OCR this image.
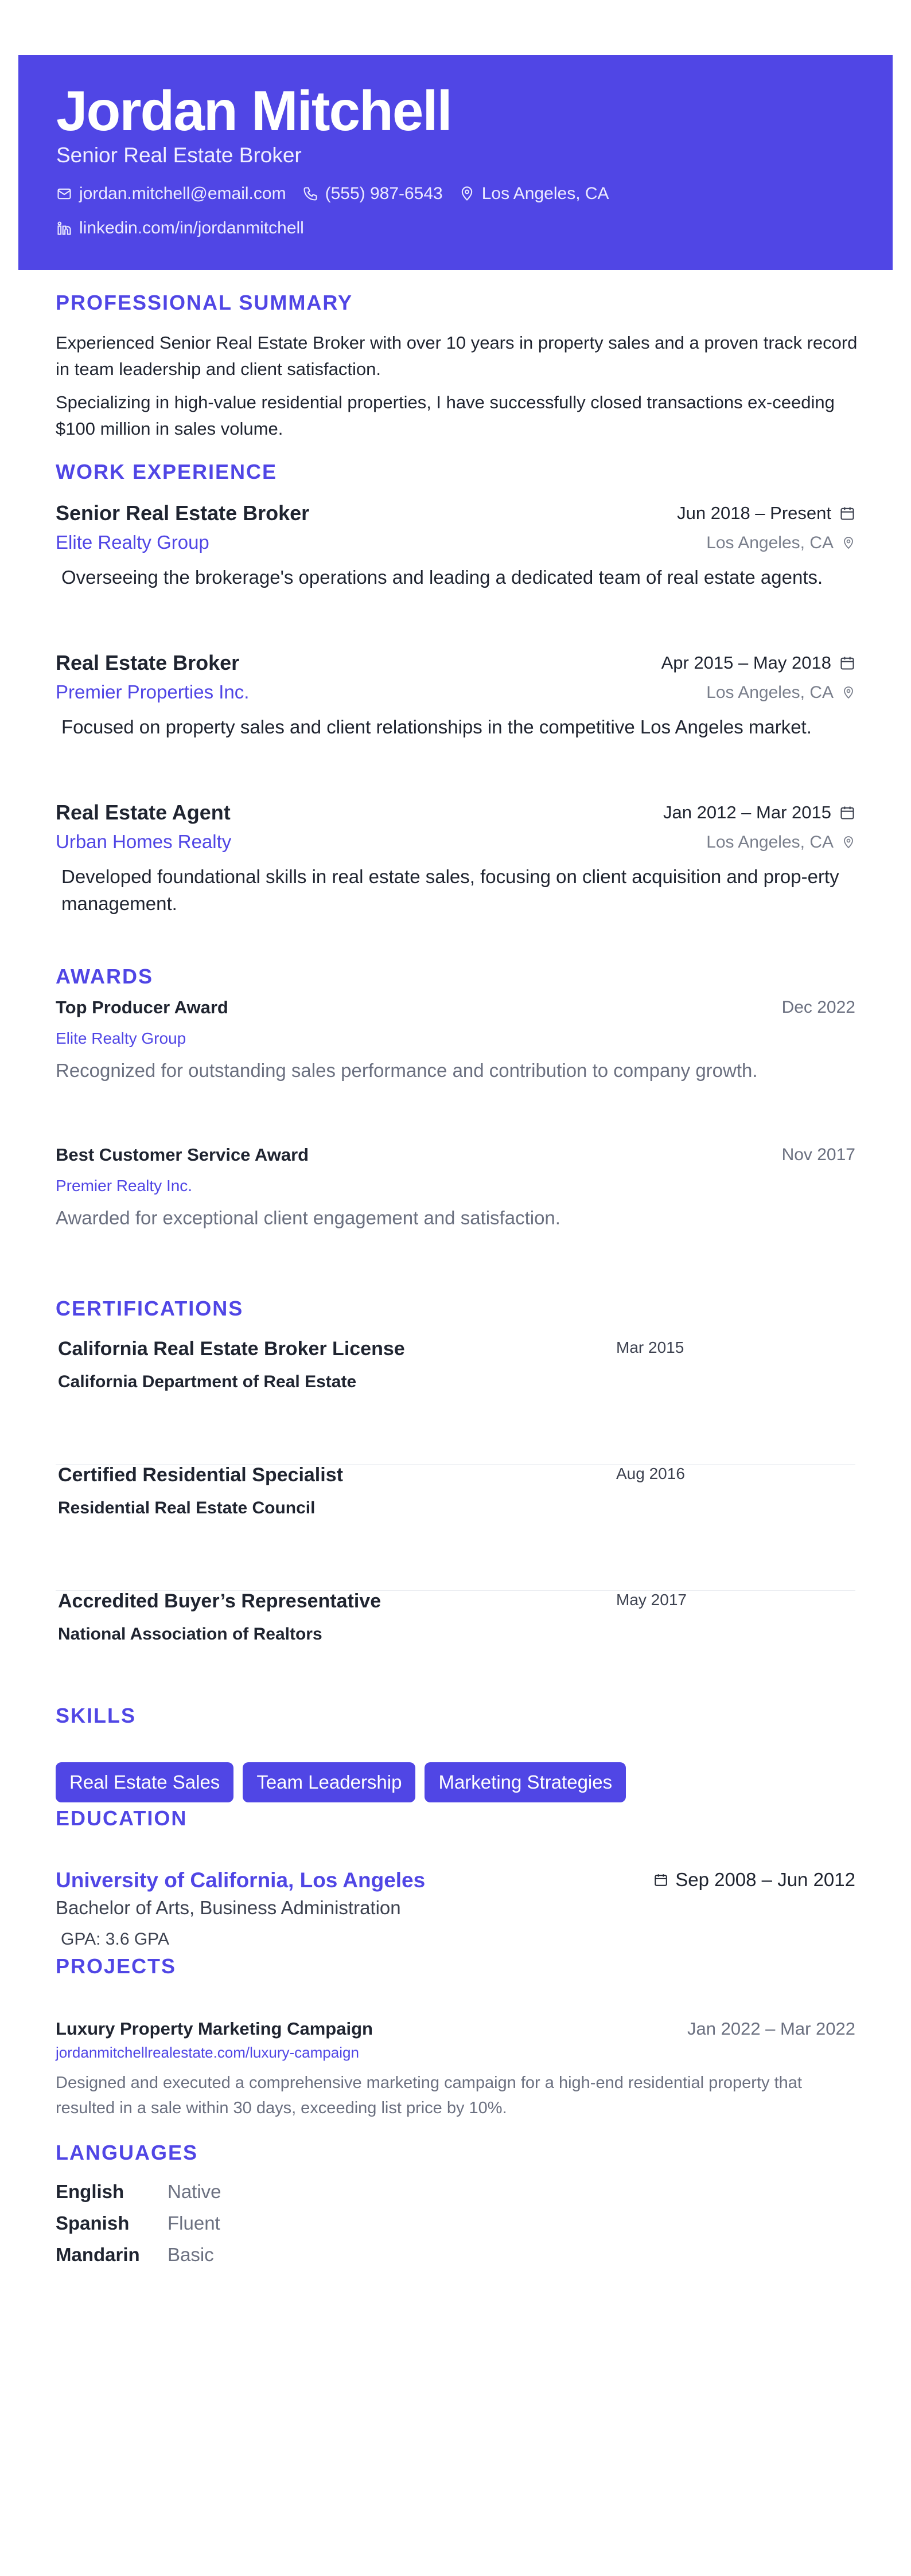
Jordan Mitchell
Senior Real Estate Broker
jordan.mitchell@email.com (555) 987-6543 Los Angeles, CA
linkedin.com/in/jordanmitchell
PROFESSIONAL SUMMARY
Experienced Senior Real Estate Broker with over 10 years in property sales and a proven track record in team leadership and client satisfaction.
Specializing in high-value residential properties, I have successfully closed transactions ex-ceeding $100 million in sales volume.
WORK EXPERIENCE
Senior Real Estate Broker	Jun 2018 – Present
Elite Realty Group	Los Angeles, CA
Overseeing the brokerage's operations and leading a dedicated team of real estate agents.
Real Estate Broker	Apr 2015 – May 2018
Premier Properties Inc.	Los Angeles, CA
Focused on property sales and client relationships in the competitive Los Angeles market.
Real Estate Agent	Jan 2012 – Mar 2015
Urban Homes Realty	Los Angeles, CA
Developed foundational skills in real estate sales, focusing on client acquisition and prop-erty management.
AWARDS
Top Producer Award	Dec 2022
Elite Realty Group
Recognized for outstanding sales performance and contribution to company growth.
Best Customer Service Award	Nov 2017
Premier Realty Inc.
Awarded for exceptional client engagement and satisfaction.
CERTIFICATIONS
California Real Estate Broker License	Mar 2015
California Department of Real Estate
Certified Residential Specialist	Aug 2016
Residential Real Estate Council
Accredited Buyer’s Representative	May 2017
National Association of Realtors
SKILLS
Real Estate Sales	Team Leadership	Marketing Strategies
EDUCATION
University of California, Los Angeles	Sep 2008 – Jun 2012
Bachelor of Arts, Business Administration
GPA: 3.6 GPA
PROJECTS
Luxury Property Marketing Campaign	Jan 2022 – Mar 2022
jordanmitchellrealestate.com/luxury-campaign
Designed and executed a comprehensive marketing campaign for a high-end residential property that resulted in a sale within 30 days, exceeding list price by 10%.
LANGUAGES
English	Native
Spanish	Fluent
Mandarin	Basic
